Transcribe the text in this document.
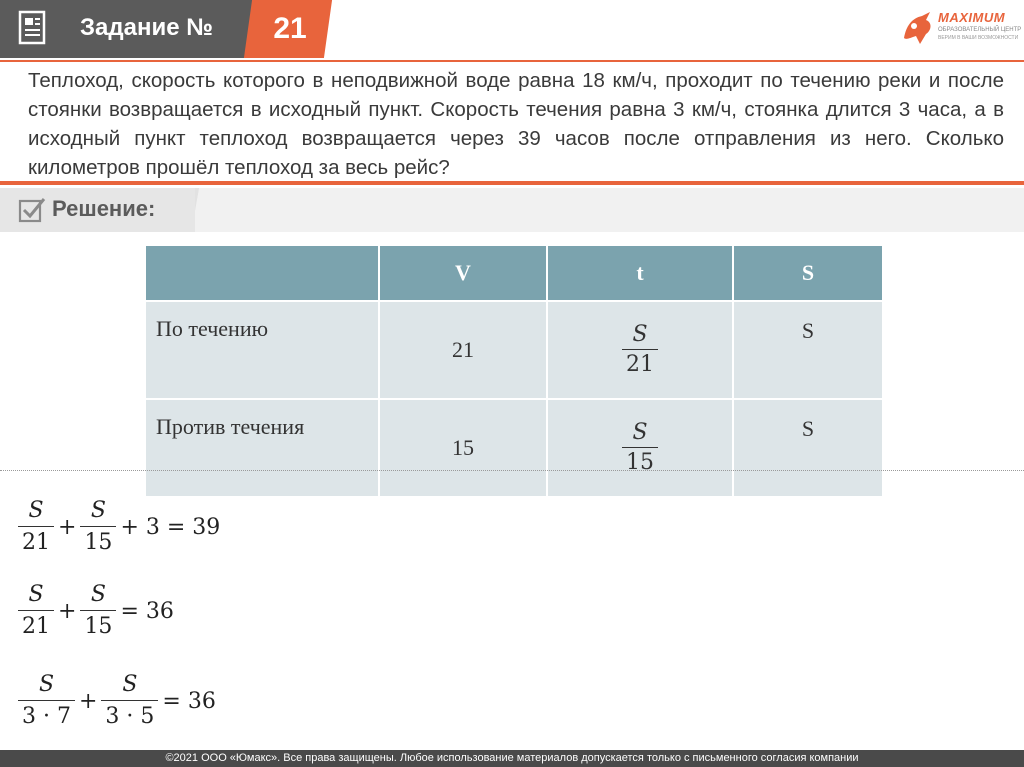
Задание №	21	MAXIMUM
ОБРАЗОВАТЕЛЬНЫЙ ЦЕНТР
ВЕРИМ В ВАШИ ВОЗМОЖНОСТИ
Теплоход, скорость которого в неподвижной воде равна 18 км/ч, проходит по течению реки и после стоянки возвращается в исходный пункт. Скорость течения равна 3 км/ч, стоянка длится 3 часа, а в исходный пункт теплоход возвращается через 39 часов после отправления из него. Сколько километров прошёл теплоход за весь рейс?
Решение:
	V	t	S
По течению	21	$\frac{S}{21}$	S
Против течения	15	$\frac{S}{15}$	S
$\frac{S}{21} + \frac{S}{15} + 3 = 39$
$\frac{S}{21} + \frac{S}{15} = 36$
$\frac{S}{3 \cdot 7} + \frac{S}{3 \cdot 5} = 36$
©2021 ООО «Юмакс». Все права защищены. Любое использование материалов допускается только с письменного согласия компании
